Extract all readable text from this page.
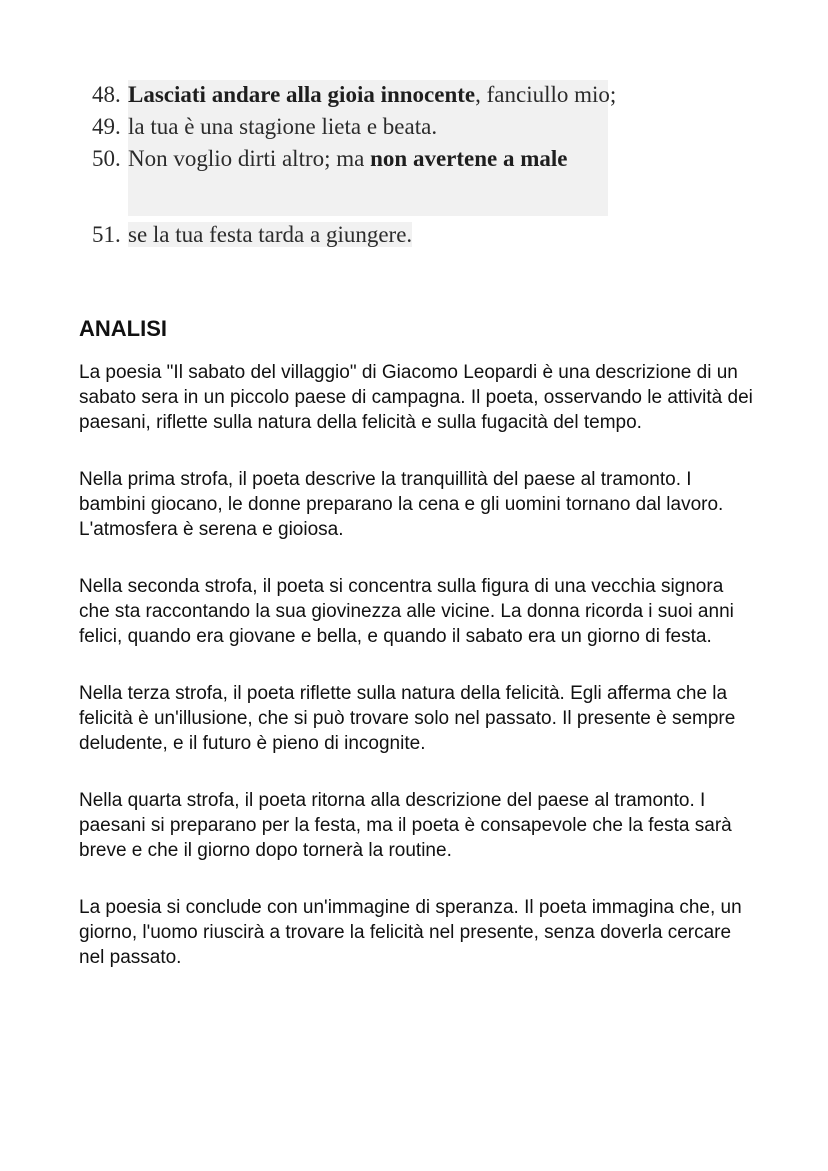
48. Lasciati andare alla gioia innocente, fanciullo mio;
49. la tua è una stagione lieta e beata.
50. Non voglio dirti altro; ma non avertene a male
51. se la tua festa tarda a giungere.
ANALISI

La poesia "Il sabato del villaggio" di Giacomo Leopardi è una descrizione di un sabato sera in un piccolo paese di campagna. Il poeta, osservando le attività dei paesani, riflette sulla natura della felicità e sulla fugacità del tempo.

Nella prima strofa, il poeta descrive la tranquillità del paese al tramonto. I bambini giocano, le donne preparano la cena e gli uomini tornano dal lavoro. L'atmosfera è serena e gioiosa.

Nella seconda strofa, il poeta si concentra sulla figura di una vecchia signora che sta raccontando la sua giovinezza alle vicine. La donna ricorda i suoi anni felici, quando era giovane e bella, e quando il sabato era un giorno di festa.

Nella terza strofa, il poeta riflette sulla natura della felicità. Egli afferma che la felicità è un'illusione, che si può trovare solo nel passato. Il presente è sempre deludente, e il futuro è pieno di incognite.

Nella quarta strofa, il poeta ritorna alla descrizione del paese al tramonto. I paesani si preparano per la festa, ma il poeta è consapevole che la festa sarà breve e che il giorno dopo tornerà la routine.

La poesia si conclude con un'immagine di speranza. Il poeta immagina che, un giorno, l'uomo riuscirà a trovare la felicità nel presente, senza doverla cercare nel passato.
